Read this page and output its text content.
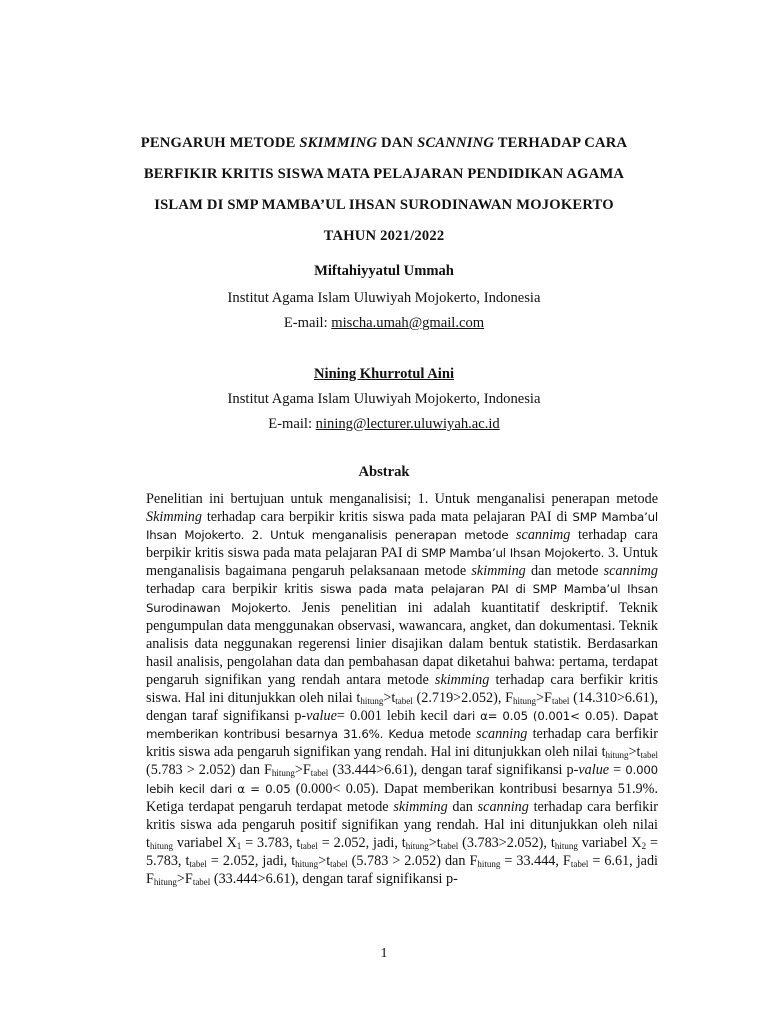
PENGARUH METODE SKIMMING DAN SCANNING TERHADAP CARA
BERFIKIR KRITIS SISWA MATA PELAJARAN PENDIDIKAN AGAMA
ISLAM DI SMP MAMBA’UL IHSAN SURODINAWAN MOJOKERTO
TAHUN 2021/2022
Miftahiyyatul Ummah
Institut Agama Islam Uluwiyah Mojokerto, Indonesia
E-mail: mischa.umah@gmail.com
Nining Khurrotul Aini
Institut Agama Islam Uluwiyah Mojokerto, Indonesia
E-mail: nining@lecturer.uluwiyah.ac.id
Abstrak
Penelitian ini bertujuan untuk menganalisisi; 1. Untuk menganalisi penerapan metode Skimming terhadap cara berpikir kritis siswa pada mata pelajaran PAI di SMP Mamba’ul Ihsan Mojokerto. 2. Untuk menganalisis penerapan metode scannimg terhadap cara berpikir kritis siswa pada mata pelajaran PAI di SMP Mamba’ul Ihsan Mojokerto. 3. Untuk menganalisis bagaimana pengaruh pelaksanaan metode skimming dan metode scannimg terhadap cara berpikir kritis siswa pada mata pelajaran PAI di SMP Mamba’ul Ihsan Surodinawan Mojokerto. Jenis penelitian ini adalah kuantitatif deskriptif. Teknik pengumpulan data menggunakan observasi, wawancara, angket, dan dokumentasi. Teknik analisis data neggunakan regerensi linier disajikan dalam bentuk statistik. Berdasarkan hasil analisis, pengolahan data dan pembahasan dapat diketahui bahwa: pertama, terdapat pengaruh signifikan yang rendah antara metode skimming terhadap cara berfikir kritis siswa. Hal ini ditunjukkan oleh nilai $t_{hitung}>t_{tabel}$ (2.719>2.052), $F_{hitung}>F_{tabel}$ (14.310>6.61), dengan taraf signifikansi p-value= 0.001 lebih kecil dari α= 0.05 (0.001< 0.05). Dapat memberikan kontribusi besarnya 31.6%. Kedua metode scanning terhadap cara berfikir kritis siswa ada pengaruh signifikan yang rendah. Hal ini ditunjukkan oleh nilai $t_{hitung}>t_{tabel}$ (5.783 > 2.052) dan $F_{hitung}>F_{tabel}$ (33.444>6.61), dengan taraf signifikansi p-value = 0.000 lebih kecil dari α = 0.05 (0.000< 0.05). Dapat memberikan kontribusi besarnya 51.9%. Ketiga terdapat pengaruh terdapat metode skimming dan scanning terhadap cara berfikir kritis siswa ada pengaruh positif signifikan yang rendah. Hal ini ditunjukkan oleh nilai $t_{hitung}$ variabel $X_1 = 3.783$, $t_{tabel} = 2.052$, jadi, $t_{hitung}>t_{tabel}$ (3.783>2.052), $t_{hitung}$ variabel $X_2 = 5.783$, $t_{tabel} = 2.052$, jadi, $t_{hitung}>t_{tabel}$ (5.783 > 2.052) dan $F_{hitung} = 33.444$, $F_{tabel} = 6.61$, jadi $F_{hitung}>F_{tabel}$ (33.444>6.61), dengan taraf signifikansi p-
1
